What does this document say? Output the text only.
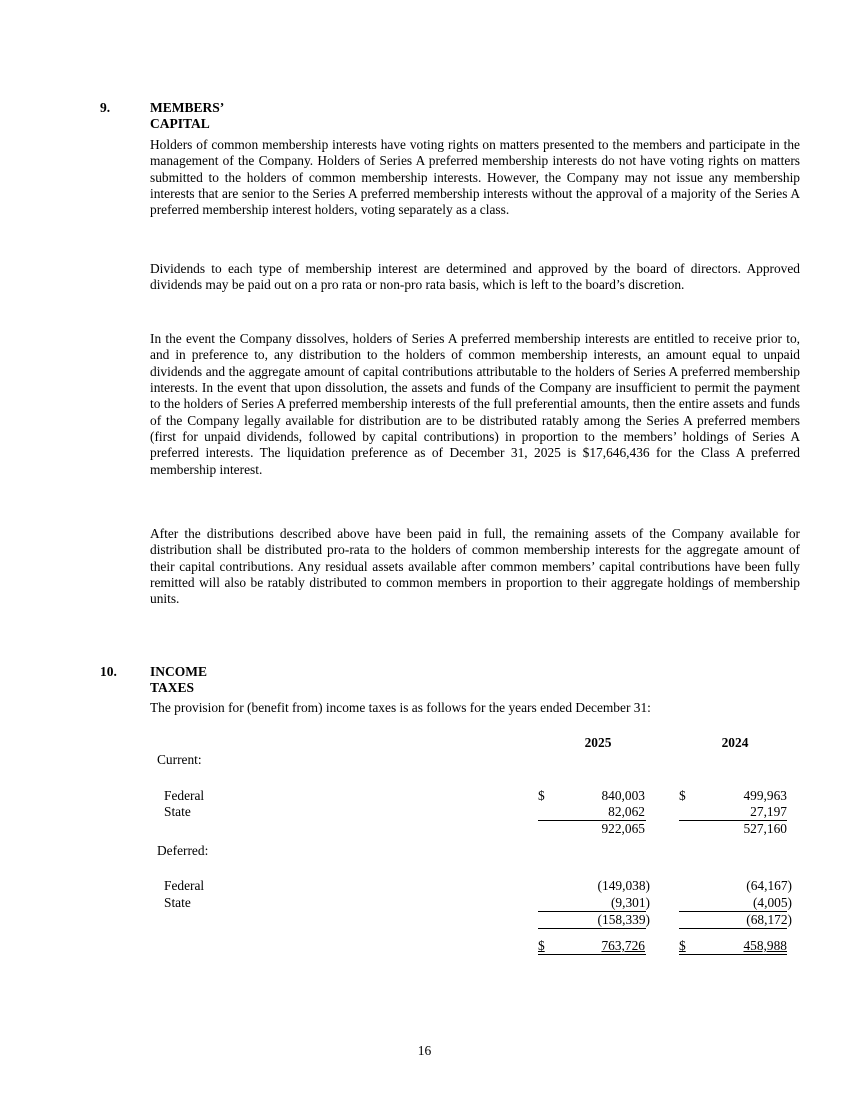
9.	MEMBERS’ CAPITAL

Holders of common membership interests have voting rights on matters presented to the members and participate in the management of the Company. Holders of Series A preferred membership interests do not have voting rights on matters submitted to the holders of common membership interests. However, the Company may not issue any membership interests that are senior to the Series A preferred membership interests without the approval of a majority of the Series A preferred membership interest holders, voting separately as a class.

Dividends to each type of membership interest are determined and approved by the board of directors. Approved dividends may be paid out on a pro rata or non-pro rata basis, which is left to the board’s discretion.

In the event the Company dissolves, holders of Series A preferred membership interests are entitled to receive prior to, and in preference to, any distribution to the holders of common membership interests, an amount equal to unpaid dividends and the aggregate amount of capital contributions attributable to the holders of Series A preferred membership interests. In the event that upon dissolution, the assets and funds of the Company are insufficient to permit the payment to the holders of Series A preferred membership interests of the full preferential amounts, then the entire assets and funds of the Company legally available for distribution are to be distributed ratably among the Series A preferred members (first for unpaid dividends, followed by capital contributions) in proportion to the members’ holdings of Series A preferred interests. The liquidation preference as of December 31, 2025 is $17,646,436 for the Class A preferred membership interest.

After the distributions described above have been paid in full, the remaining assets of the Company available for distribution shall be distributed pro-rata to the holders of common membership interests for the aggregate amount of their capital contributions. Any residual assets available after common members’ capital contributions have been fully remitted will also be ratably distributed to common members in proportion to their aggregate holdings of membership units.

10. INCOME TAXES

The provision for (benefit from) income taxes is as follows for the years ended December 31:

2025	2024
Current:
Federal	$	840,003	$	499,963
State	82,062	27,197
922,065	527,160
Deferred:
Federal	(149,038)	(64,167)
State	(9,301)	(4,005)
(158,339)	(68,172)
$	763,726	$	458,988
16
